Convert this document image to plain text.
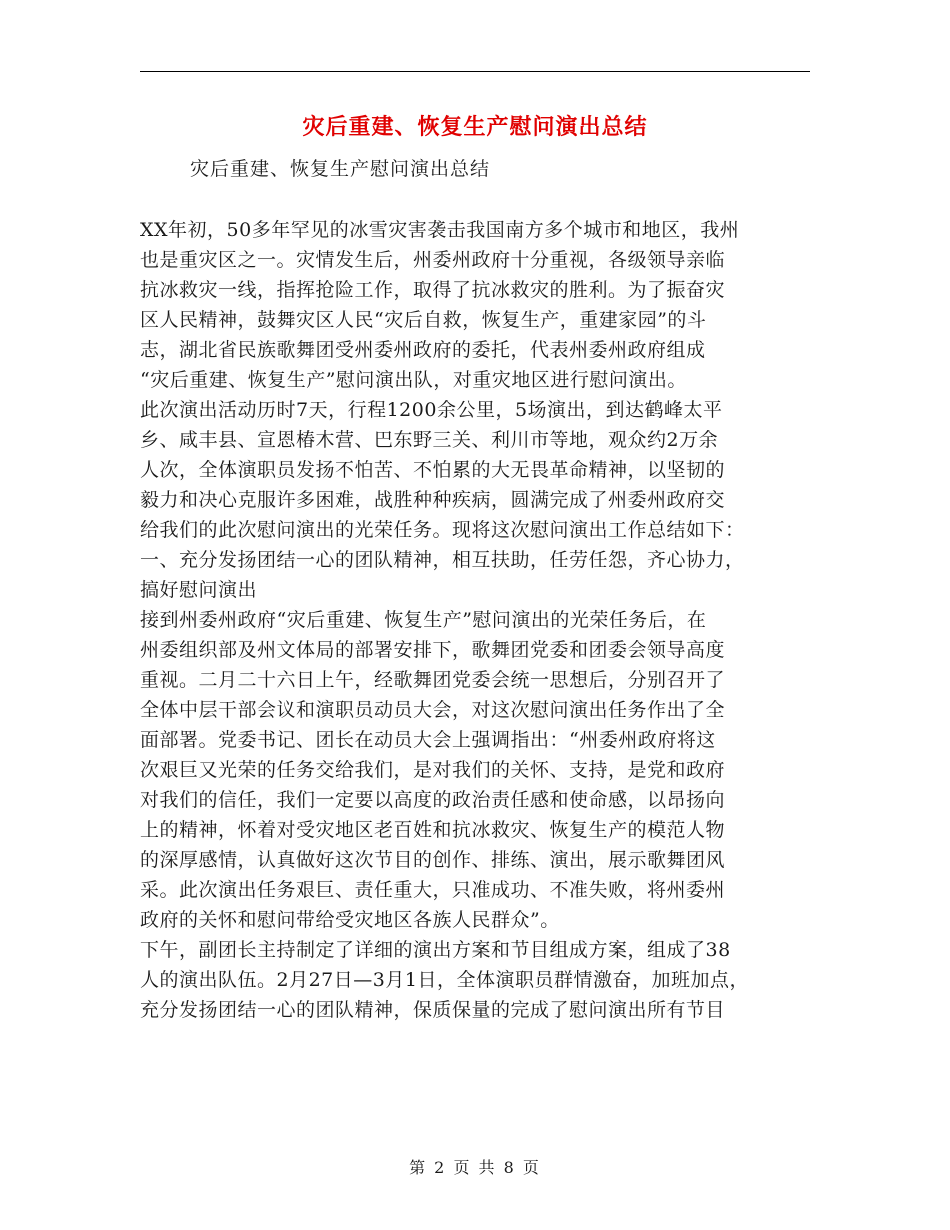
灾后重建、恢复生产慰问演出总结
灾后重建、恢复生产慰问演出总结
XX年初，50多年罕见的冰雪灾害袭击我国南方多个城市和地区，我州
也是重灾区之一。灾情发生后，州委州政府十分重视，各级领导亲临
抗冰救灾一线，指挥抢险工作，取得了抗冰救灾的胜利。为了振奋灾
区人民精神，鼓舞灾区人民“灾后自救，恢复生产，重建家园”的斗
志，湖北省民族歌舞团受州委州政府的委托，代表州委州政府组成
“灾后重建、恢复生产”慰问演出队，对重灾地区进行慰问演出。
此次演出活动历时7天，行程1200余公里，5场演出，到达鹤峰太平
乡、咸丰县、宣恩椿木营、巴东野三关、利川市等地，观众约2万余
人次，全体演职员发扬不怕苦、不怕累的大无畏革命精神，以坚韧的
毅力和决心克服许多困难，战胜种种疾病，圆满完成了州委州政府交
给我们的此次慰问演出的光荣任务。现将这次慰问演出工作总结如下：
一、充分发扬团结一心的团队精神，相互扶助，任劳任怨，齐心协力，
搞好慰问演出
接到州委州政府“灾后重建、恢复生产”慰问演出的光荣任务后，在
州委组织部及州文体局的部署安排下，歌舞团党委和团委会领导高度
重视。二月二十六日上午，经歌舞团党委会统一思想后，分别召开了
全体中层干部会议和演职员动员大会，对这次慰问演出任务作出了全
面部署。党委书记、团长在动员大会上强调指出：“州委州政府将这
次艰巨又光荣的任务交给我们，是对我们的关怀、支持，是党和政府
对我们的信任，我们一定要以高度的政治责任感和使命感，以昂扬向
上的精神，怀着对受灾地区老百姓和抗冰救灾、恢复生产的模范人物
的深厚感情，认真做好这次节目的创作、排练、演出，展示歌舞团风
采。此次演出任务艰巨、责任重大，只准成功、不准失败，将州委州
政府的关怀和慰问带给受灾地区各族人民群众”。
下午，副团长主持制定了详细的演出方案和节目组成方案，组成了38
人的演出队伍。2月27日—3月1日，全体演职员群情激奋，加班加点，
充分发扬团结一心的团队精神，保质保量的完成了慰问演出所有节目
第 2 页 共 8 页
